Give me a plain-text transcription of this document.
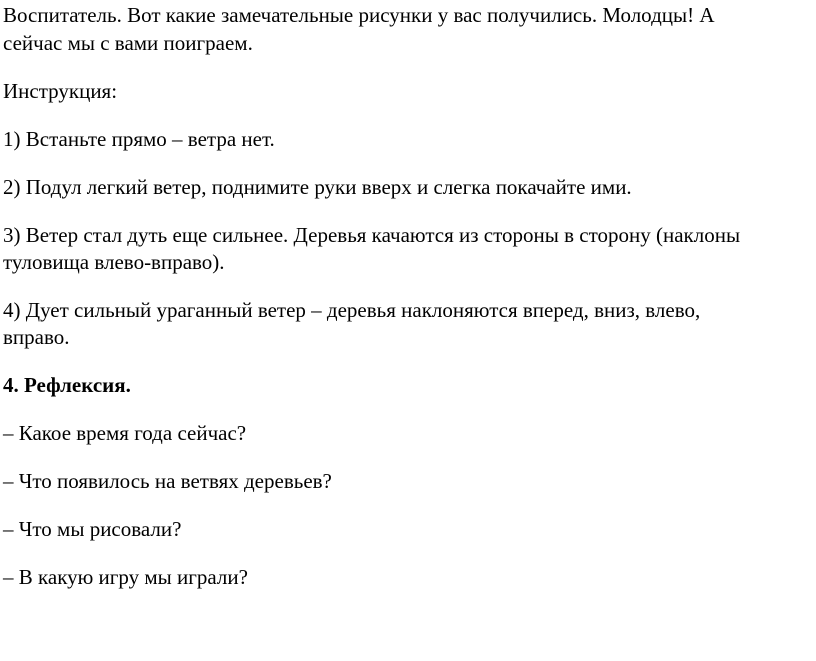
Воспитатель. Вот какие замечательные рисунки у вас получились. Молодцы! А

сейчас мы с вами поиграем.

Инструкция:

1) Встаньте прямо – ветра нет.

2) Подул легкий ветер, поднимите руки вверх и слегка покачайте ими.

3) Ветер стал дуть еще сильнее. Деревья качаются из стороны в сторону (наклоны

туловища влево-вправо).

4) Дует сильный ураганный ветер – деревья наклоняются вперед, вниз, влево,

вправо.

4. Рефлексия.

– Какое время года сейчас?

– Что появилось на ветвях деревьев?

– Что мы рисовали?

– В какую игру мы играли?
